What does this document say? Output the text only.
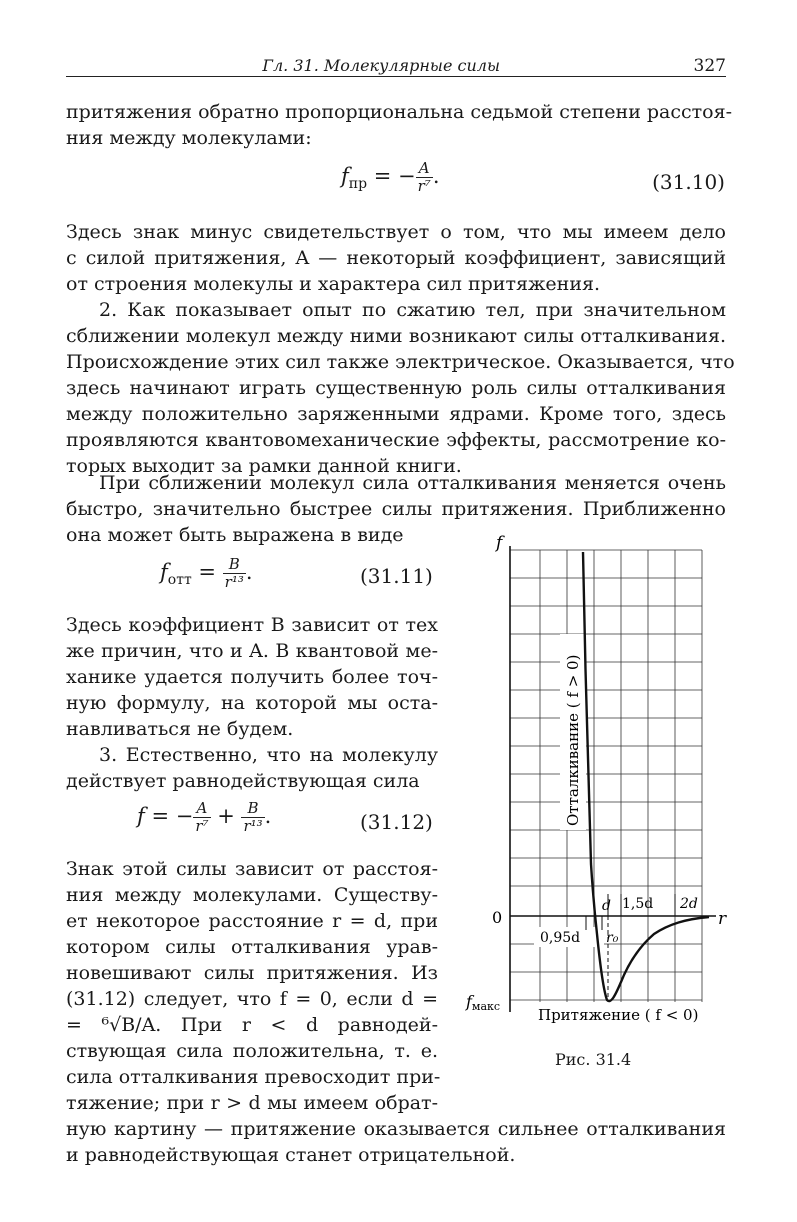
Гл. 31. Молекулярные силы	327
притяжения обратно пропорциональна седьмой степени расстоя-
ния между молекулами:
$f_{пр}$ = − $\frac{A}{\text{r⁷}}$ .	(31.10)
Здесь знак минус свидетельствует о том, что мы имеем дело
с силой притяжения, A — некоторый коэффициент, зависящий
от строения молекулы и характера сил притяжения.
2. Как показывает опыт по сжатию тел, при значительном
сближении молекул между ними возникают силы отталкивания.
Происхождение этих сил также электрическое. Оказывается, что
здесь начинают играть существенную роль силы отталкивания
между положительно заряженными ядрами. Кроме того, здесь
проявляются квантовомеханические эффекты, рассмотрение ко-
торых выходит за рамки данной книги.
При сближении молекул сила отталкивания меняется очень
быстро, значительно быстрее силы притяжения. Приближенно
она может быть выражена в виде
$f_{отт} = \frac{B}{\text{r¹³}}$ .	(31.11)
Здесь коэффициент B зависит от тех
же причин, что и A. В квантовой ме-
ханике удается получить более точ-
ную формулу, на которой мы оста-
навливаться не будем.
3. Естественно, что на молекулу
действует равнодействующая сила
f = − $\frac{A}{\text{r⁷}} + \frac{B}{\text{r¹³}}$ .	(31.12)
Знак этой силы зависит от расстоя-
ния между молекулами. Существу-
ет некоторое расстояние r = d, при
котором силы отталкивания урав-
новешивают силы притяжения. Из
(31.12) следует, что f = 0, если d =
= ⁶√B/A. При r < d равнодей-
ствующая сила положительна, т. е.
сила отталкивания превосходит при-
тяжение; при r > d мы имеем обрат-
ную картину — притяжение оказывается сильнее отталкивания
и равнодействующая станет отрицательной.
f
r
0
fмакс
Отталкивание ( f > 0)
Притяжение ( f < 0)
d
0,95d r₀
1,5d 2d
Рис. 31.4
